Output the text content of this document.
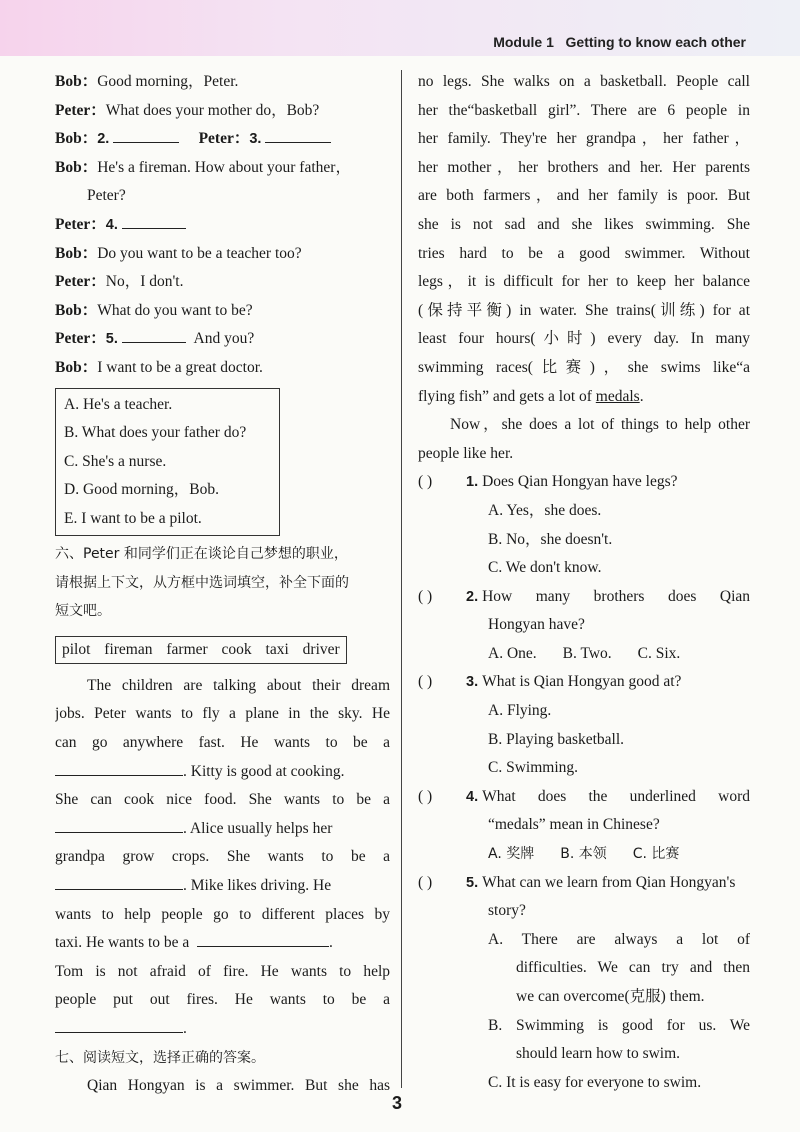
Module 1   Getting to know each other
Bob：Good morning，Peter.
Peter：What does your mother do，Bob?
Bob：2.	Peter：3.
Bob：He's a fireman. How about your father，
Peter?
Peter：4.
Bob：Do you want to be a teacher too?
Peter：No，I don't.
Bob：What do you want to be?
Peter：5.	And you?
Bob：I want to be a great doctor.
A. He's a teacher.
B. What does your father do?
C. She's a nurse.
D. Good morning，Bob.
E. I want to be a pilot.
六、Peter 和同学们正在谈论自己梦想的职业，
请根据上下文，从方框中选词填空，补全下面的
短文吧。
pilot fireman farmer cook taxi driver
The children are talking about their dream
jobs. Peter wants to fly a plane in the sky. He
can go anywhere fast. He wants to be a
. Kitty is good at cooking.
She can cook nice food. She wants to be a
. Alice usually helps her
grandpa grow crops. She wants to be a
. Mike likes driving. He
wants to help people go to different places by
taxi. He wants to be a	.
Tom is not afraid of fire. He wants to help
people put out fires. He wants to be a
.
七、阅读短文，选择正确的答案。
Qian Hongyan is a swimmer. But she has
no legs. She walks on a basketball. People call
her the“basketball girl”. There are 6 people in
her family. They're her grandpa，her father，
her mother，her brothers and her. Her parents
are both farmers，and her family is poor. But
she is not sad and she likes swimming. She
tries hard to be a good swimmer. Without
legs，it is difficult for her to keep her balance
(保持平衡) in water. She trains(训练) for at
least four hours(小时) every day. In many
swimming races(比赛)，she swims like“a
flying fish” and gets a lot of medals.
Now，she does a lot of things to help other
people like her.
( )	1. Does Qian Hongyan have legs?
A. Yes，she does.
B. No，she doesn't.
C. We don't know.
( )	2. How many brothers does Qian
Hongyan have?
A. One. B. Two. C. Six.
( )	3. What is Qian Hongyan good at?
A. Flying.
B. Playing basketball.
C. Swimming.
( )	4. What does the underlined word
“medals” mean in Chinese?
A. 奖牌 B. 本领 C. 比赛
( )	5. What can we learn from Qian Hongyan's
story?
A. There are always a lot of
difficulties. We can try and then
we can overcome(克服) them.
B. Swimming is good for us. We
should learn how to swim.
C. It is easy for everyone to swim.
3
